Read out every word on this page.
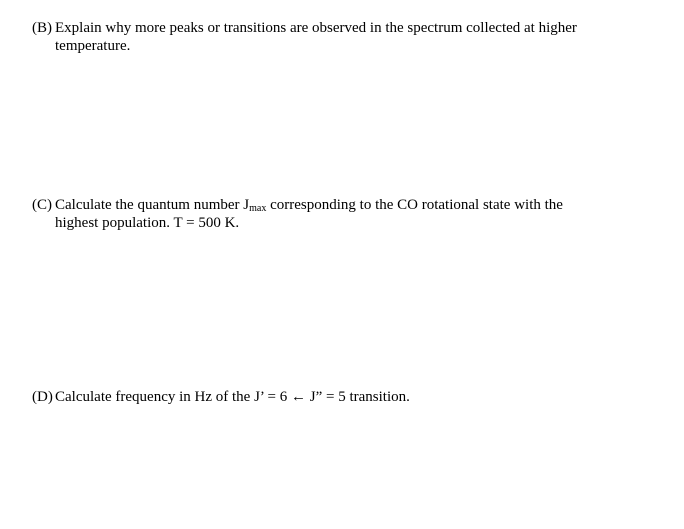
(B) Explain why more peaks or transitions are observed in the spectrum collected at higher
temperature.
(C) Calculate the quantum number $J_{max}$ corresponding to the CO rotational state with the
highest population. T = 500 K.
(D) Calculate frequency in Hz of the J’ = 6 ← J” = 5 transition.
